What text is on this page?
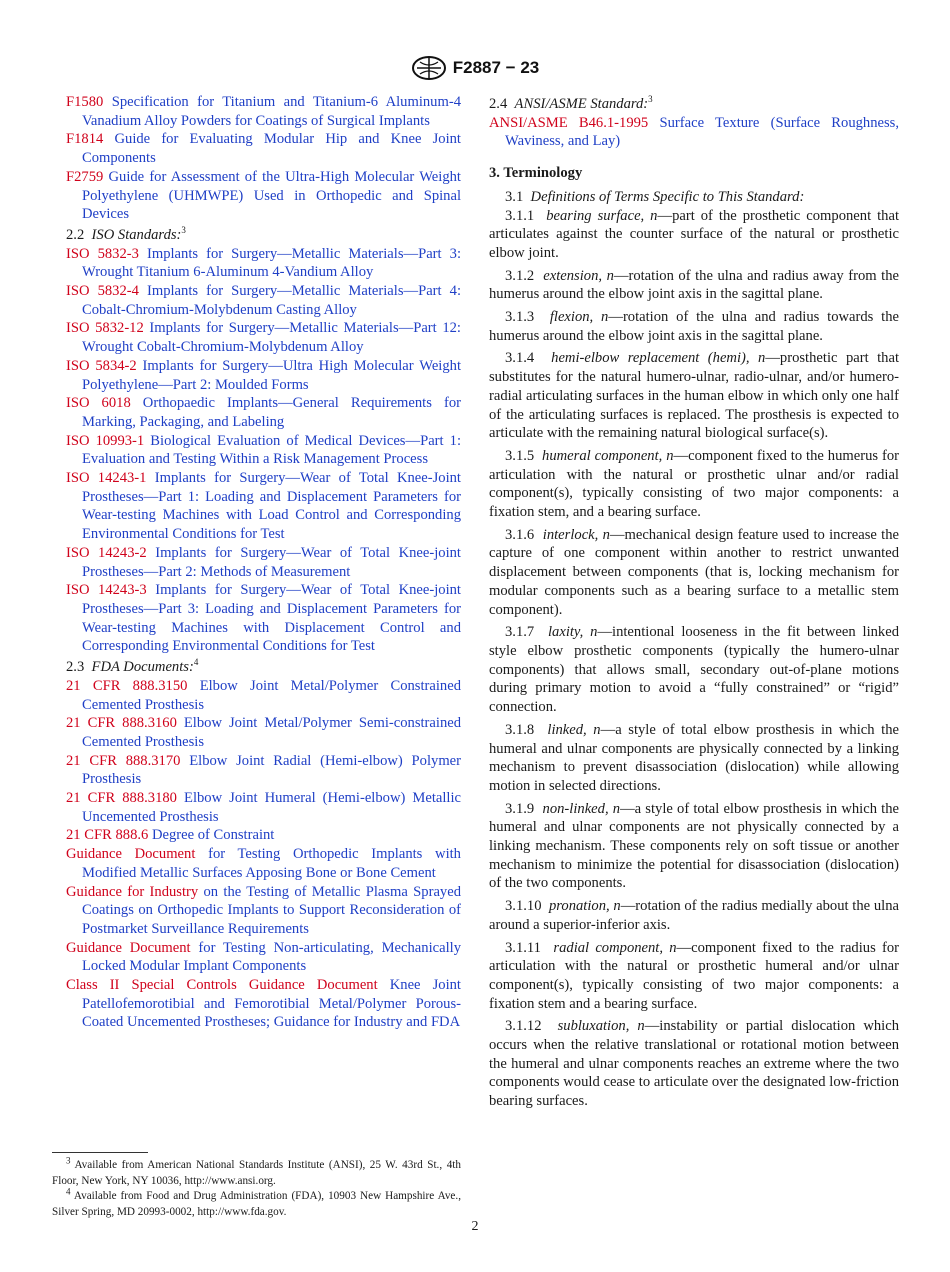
F2887 − 23
F1580 Specification for Titanium and Titanium-6 Aluminum-4 Vanadium Alloy Powders for Coatings of Surgical Implants
F1814 Guide for Evaluating Modular Hip and Knee Joint Components
F2759 Guide for Assessment of the Ultra-High Molecular Weight Polyethylene (UHMWPE) Used in Orthopedic and Spinal Devices
2.2 ISO Standards:$^3$
ISO 5832-3 Implants for Surgery—Metallic Materials—Part 3: Wrought Titanium 6-Aluminum 4-Vandium Alloy
ISO 5832-4 Implants for Surgery—Metallic Materials—Part 4: Cobalt-Chromium-Molybdenum Casting Alloy
ISO 5832-12 Implants for Surgery—Metallic Materials—Part 12: Wrought Cobalt-Chromium-Molybdenum Alloy
ISO 5834-2 Implants for Surgery—Ultra High Molecular Weight Polyethylene—Part 2: Moulded Forms
ISO 6018 Orthopaedic Implants—General Requirements for Marking, Packaging, and Labeling
ISO 10993-1 Biological Evaluation of Medical Devices—Part 1: Evaluation and Testing Within a Risk Management Process
ISO 14243-1 Implants for Surgery—Wear of Total Knee-Joint Prostheses—Part 1: Loading and Displacement Parameters for Wear-testing Machines with Load Control and Corresponding Environmental Conditions for Test
ISO 14243-2 Implants for Surgery—Wear of Total Knee-joint Prostheses—Part 2: Methods of Measurement
ISO 14243-3 Implants for Surgery—Wear of Total Knee-joint Prostheses—Part 3: Loading and Displacement Parameters for Wear-testing Machines with Displacement Control and Corresponding Environmental Conditions for Test
2.3 FDA Documents:$^4$
21 CFR 888.3150 Elbow Joint Metal/Polymer Constrained Cemented Prosthesis
21 CFR 888.3160 Elbow Joint Metal/Polymer Semi-constrained Cemented Prosthesis
21 CFR 888.3170 Elbow Joint Radial (Hemi-elbow) Polymer Prosthesis
21 CFR 888.3180 Elbow Joint Humeral (Hemi-elbow) Metallic Uncemented Prosthesis
21 CFR 888.6 Degree of Constraint
Guidance Document for Testing Orthopedic Implants with Modified Metallic Surfaces Apposing Bone or Bone Cement
Guidance for Industry on the Testing of Metallic Plasma Sprayed Coatings on Orthopedic Implants to Support Reconsideration of Postmarket Surveillance Requirements
Guidance Document for Testing Non-articulating, Mechanically Locked Modular Implant Components
Class II Special Controls Guidance Document Knee Joint Patellofemorotibial and Femorotibial Metal/Polymer Porous-Coated Uncemented Prostheses; Guidance for Industry and FDA
2.4 ANSI/ASME Standard:$^3$
ANSI/ASME B46.1-1995 Surface Texture (Surface Roughness, Waviness, and Lay)
3. Terminology
3.1 Definitions of Terms Specific to This Standard:
3.1.1 bearing surface, n—part of the prosthetic component that articulates against the counter surface of the natural or prosthetic elbow joint.
3.1.2 extension, n—rotation of the ulna and radius away from the humerus around the elbow joint axis in the sagittal plane.
3.1.3 flexion, n—rotation of the ulna and radius towards the humerus around the elbow joint axis in the sagittal plane.
3.1.4 hemi-elbow replacement (hemi), n—prosthetic part that substitutes for the natural humero-ulnar, radio-ulnar, and/or humero-radial articulating surfaces in the human elbow in which only one half of the articulating surfaces is replaced. The prosthesis is expected to articulate with the remaining natural biological surface(s).
3.1.5 humeral component, n—component fixed to the humerus for articulation with the natural or prosthetic ulnar and/or radial component(s), typically consisting of two major components: a fixation stem, and a bearing surface.
3.1.6 interlock, n—mechanical design feature used to increase the capture of one component within another to restrict unwanted displacement between components (that is, locking mechanism for modular components such as a bearing surface to a metallic stem component).
3.1.7 laxity, n—intentional looseness in the fit between linked style elbow prosthetic components (typically the humero-ulnar components) that allows small, secondary out-of-plane motions during primary motion to avoid a “fully constrained” or “rigid” connection.
3.1.8 linked, n—a style of total elbow prosthesis in which the humeral and ulnar components are physically connected by a linking mechanism to prevent disassociation (dislocation) while allowing motion in selected directions.
3.1.9 non-linked, n—a style of total elbow prosthesis in which the humeral and ulnar components are not physically connected by a linking mechanism. These components rely on soft tissue or another mechanism to minimize the potential for disassociation (dislocation) of the two components.
3.1.10 pronation, n—rotation of the radius medially about the ulna around a superior-inferior axis.
3.1.11 radial component, n—component fixed to the radius for articulation with the natural or prosthetic humeral and/or ulnar component(s), typically consisting of two major components: a fixation stem and a bearing surface.
3.1.12 subluxation, n—instability or partial dislocation which occurs when the relative translational or rotational motion between the humeral and ulnar components reaches an extreme where the two components would cease to articulate over the designated low-friction bearing surfaces.
$^3$ Available from American National Standards Institute (ANSI), 25 W. 43rd St., 4th Floor, New York, NY 10036, http://www.ansi.org.
$^4$ Available from Food and Drug Administration (FDA), 10903 New Hampshire Ave., Silver Spring, MD 20993-0002, http://www.fda.gov.
2
